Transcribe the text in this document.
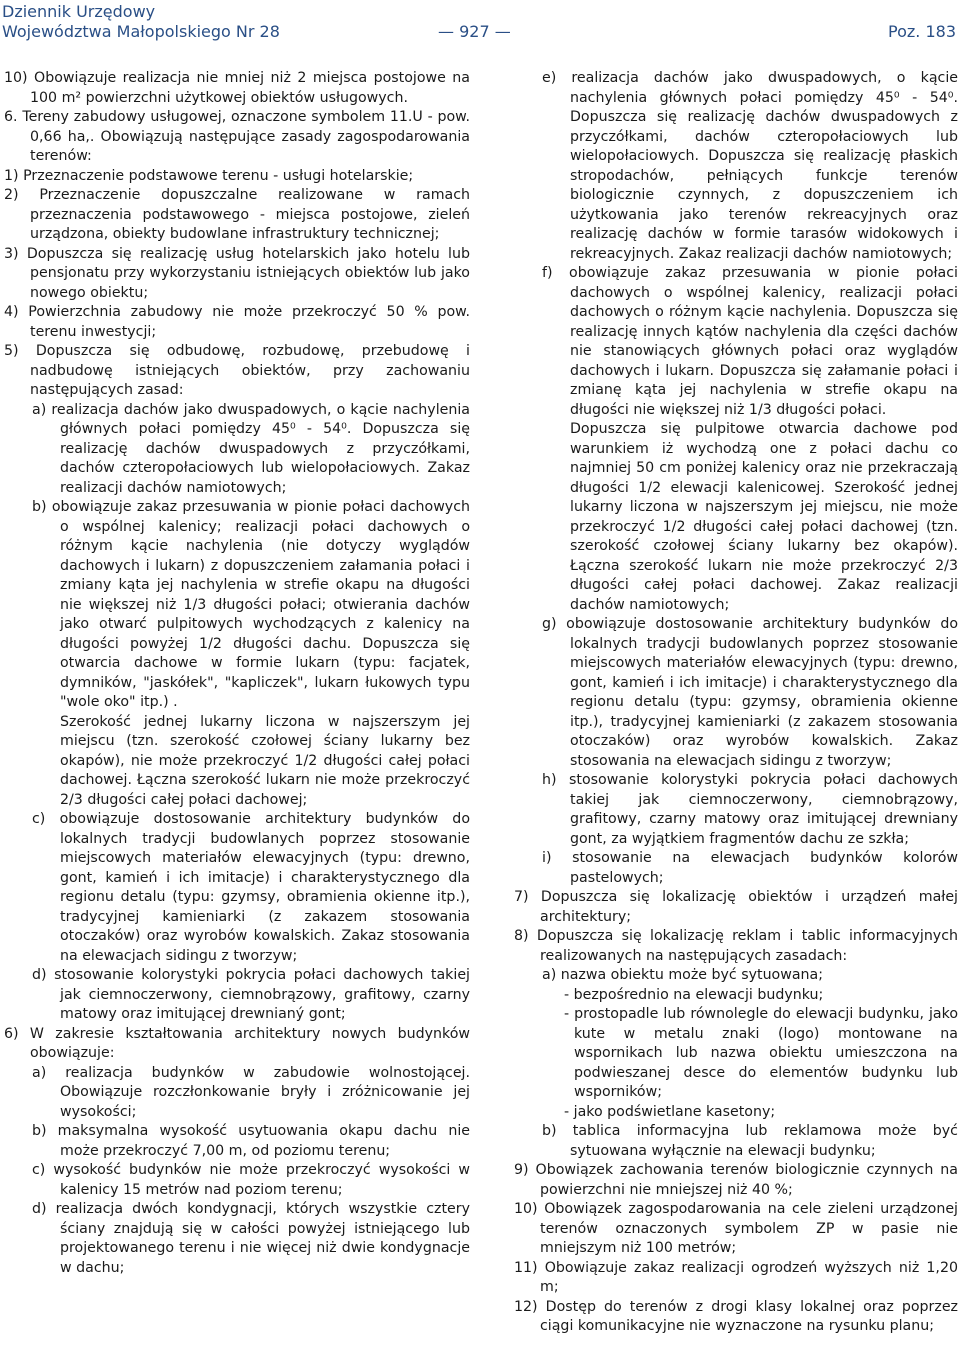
Dziennik Urzędowy
Województwa Małopolskiego Nr 28	— 927 —	Poz. 183

10) Obowiązuje realizacja nie mniej niż 2 miejsca postojowe na 100 m² powierzchni użytkowej obiektów usługowych.

6. Tereny zabudowy usługowej, oznaczone symbolem 11.U - pow. 0,66 ha,. Obowiązują następujące zasady zagospodarowania terenów:

1) Przeznaczenie podstawowe terenu - usługi hotelarskie;

2) Przeznaczenie dopuszczalne realizowane w ramach przeznaczenia podstawowego - miejsca postojowe, zieleń urządzona, obiekty budowlane infrastruktury technicznej;

3) Dopuszcza się realizację usług hotelarskich jako hotelu lub pensjonatu przy wykorzystaniu istniejących obiektów lub jako nowego obiektu;

4) Powierzchnia zabudowy nie może przekroczyć 50 % pow. terenu inwestycji;

5) Dopuszcza się odbudowę, rozbudowę, przebudowę i nadbudowę istniejących obiektów, przy zachowaniu następujących zasad:

a) realizacja dachów jako dwuspadowych, o kącie nachylenia głównych połaci pomiędzy 45⁰ - 54⁰. Dopuszcza się realizację dachów dwuspadowych z przyczółkami, dachów czteropołaciowych lub wielopołaciowych. Zakaz realizacji dachów namiotowych;

b) obowiązuje zakaz przesuwania w pionie połaci dachowych o wspólnej kalenicy; realizacji połaci dachowych o różnym kącie nachylenia (nie dotyczy wyglądów dachowych i lukarn) z dopuszczeniem załamania połaci i zmiany kąta jej nachylenia w strefie okapu na długości nie większej niż 1/3 długości połaci; otwierania dachów jako otwarć pulpitowych wychodzących z kalenicy na długości powyżej 1/2 długości dachu. Dopuszcza się otwarcia dachowe w formie lukarn (typu: facjatek, dymników, "jaskółek", "kapliczek", lukarn łukowych typu "wole oko" itp.) .

Szerokość jednej lukarny liczona w najszerszym jej miejscu (tzn. szerokość czołowej ściany lukarny bez okapów), nie może przekroczyć 1/2 długości całej połaci dachowej. Łączna szerokość lukarn nie może przekroczyć 2/3 długości całej połaci dachowej;

c) obowiązuje dostosowanie architektury budynków do lokalnych tradycji budowlanych poprzez stosowanie miejscowych materiałów elewacyjnych (typu: drewno, gont, kamień i ich imitacje) i charakterystycznego dla regionu detalu (typu: gzymsy, obramienia okienne itp.), tradycyjnej kamieniarki (z zakazem stosowania otoczaków) oraz wyrobów kowalskich. Zakaz stosowania na elewacjach sidingu z tworzyw;

d) stosowanie kolorystyki pokrycia połaci dachowych takiej jak ciemnoczerwony, ciemnobrązowy, grafitowy, czarny matowy oraz imitującej drewnianý gont;

6) W zakresie kształtowania architektury nowych budynków obowiązuje:

a) realizacja budynków w zabudowie wolnostojącej. Obowiązuje rozczłonkowanie bryły i zróżnicowanie jej wysokości;

b) maksymalna wysokość usytuowania okapu dachu nie może przekroczyć 7,00 m, od poziomu terenu;

c) wysokość budynków nie może przekroczyć wysokości w kalenicy 15 metrów nad poziom terenu;

d) realizacja dwóch kondygnacji, których wszystkie cztery ściany znajdują się w całości powyżej istniejącego lub projektowanego terenu i nie więcej niż dwie kondygnacje w dachu;

e) realizacja dachów jako dwuspadowych, o kącie nachylenia głównych połaci pomiędzy 45⁰ - 54⁰. Dopuszcza się realizację dachów dwuspadowych z przyczółkami, dachów czteropołaciowych lub wielopołaciowych. Dopuszcza się realizację płaskich stropodachów, pełniących funkcje terenów biologicznie czynnych, z dopuszczeniem ich użytkowania jako terenów rekreacyjnych oraz realizację dachów w formie tarasów widokowych i rekreacyjnych. Zakaz realizacji dachów namiotowych;

f) obowiązuje zakaz przesuwania w pionie połaci dachowych o wspólnej kalenicy, realizacji połaci dachowych o różnym kącie nachylenia. Dopuszcza się realizację innych kątów nachylenia dla części dachów nie stanowiących głównych połaci oraz wyglądów dachowych i lukarn. Dopuszcza się załamanie połaci i zmianę kąta jej nachylenia w strefie okapu na długości nie większej niż 1/3 długości połaci.

Dopuszcza się pulpitowe otwarcia dachowe pod warunkiem iż wychodzą one z połaci dachu co najmniej 50 cm poniżej kalenicy oraz nie przekraczają długości 1/2 elewacji kalenicowej. Szerokość jednej lukarny liczona w najszerszym jej miejscu, nie może przekroczyć 1/2 długości całej połaci dachowej (tzn. szerokość czołowej ściany lukarny bez okapów). Łączna szerokość lukarn nie może przekroczyć 2/3 długości całej połaci dachowej. Zakaz realizacji dachów namiotowych;

g) obowiązuje dostosowanie architektury budynków do lokalnych tradycji budowlanych poprzez stosowanie miejscowych materiałów elewacyjnych (typu: drewno, gont, kamień i ich imitacje) i charakterystycznego dla regionu detalu (typu: gzymsy, obramienia okienne itp.), tradycyjnej kamieniarki (z zakazem stosowania otoczaków) oraz wyrobów kowalskich. Zakaz stosowania na elewacjach sidingu z tworzyw;

h) stosowanie kolorystyki pokrycia połaci dachowych takiej jak ciemnoczerwony, ciemnobrązowy, grafitowy, czarny matowy oraz imitującej drewniany gont, za wyjątkiem fragmentów dachu ze szkła;

i) stosowanie na elewacjach budynków kolorów pastelowych;

7) Dopuszcza się lokalizację obiektów i urządzeń małej architektury;

8) Dopuszcza się lokalizację reklam i tablic informacyjnych realizowanych na następujących zasadach:

a) nazwa obiektu może być sytuowana;

- bezpośrednio na elewacji budynku;

- prostopadle lub równolegle do elewacji budynku, jako kute w metalu znaki (logo) montowane na wspornikach lub nazwa obiektu umieszczona na podwieszanej desce do elementów budynku lub wsporników;

- jako podświetlane kasetony;

b) tablica informacyjna lub reklamowa może być sytuowana wyłącznie na elewacji budynku;

9) Obowiązek zachowania terenów biologicznie czynnych na powierzchni nie mniejszej niż 40 %;

10) Obowiązek zagospodarowania na cele zieleni urządzonej terenów oznaczonych symbolem ZP w pasie nie mniejszym niż 100 metrów;

11) Obowiązuje zakaz realizacji ogrodzeń wyższych niż 1,20 m;

12) Dostęp do terenów z drogi klasy lokalnej oraz poprzez ciągi komunikacyjne nie wyznaczone na rysunku planu;
